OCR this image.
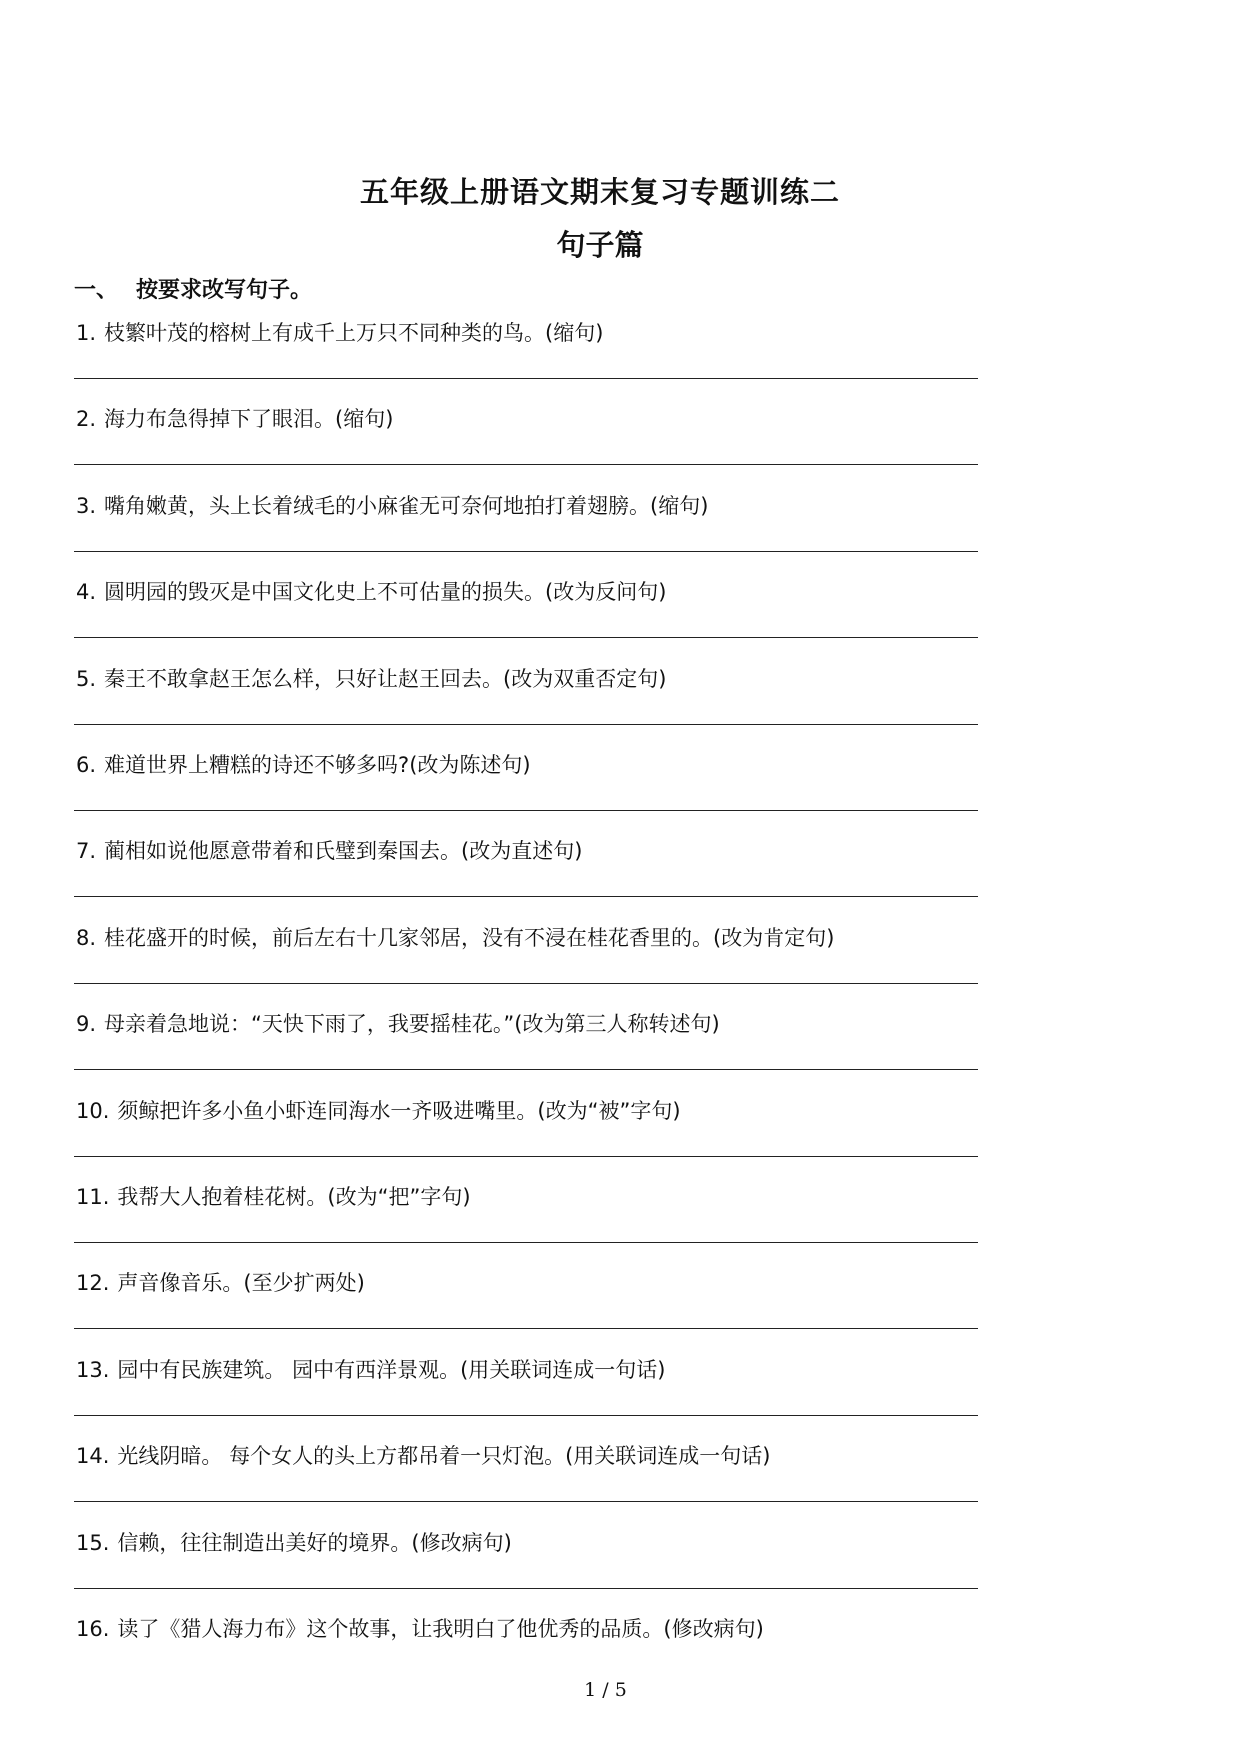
五年级上册语文期末复习专题训练二
句子篇
一、 按要求改写句子。
1. 枝繁叶茂的榕树上有成千上万只不同种类的鸟。(缩句)
2. 海力布急得掉下了眼泪。(缩句)
3. 嘴角嫩黄，头上长着绒毛的小麻雀无可奈何地拍打着翅膀。(缩句)
4. 圆明园的毁灭是中国文化史上不可估量的损失。(改为反问句)
5. 秦王不敢拿赵王怎么样，只好让赵王回去。(改为双重否定句)
6. 难道世界上糟糕的诗还不够多吗?(改为陈述句)
7. 蔺相如说他愿意带着和氏璧到秦国去。(改为直述句)
8. 桂花盛开的时候，前后左右十几家邻居，没有不浸在桂花香里的。(改为肯定句)
9. 母亲着急地说：“天快下雨了，我要摇桂花。”(改为第三人称转述句)
10. 须鲸把许多小鱼小虾连同海水一齐吸进嘴里。(改为“被”字句)
11. 我帮大人抱着桂花树。(改为“把”字句)
12. 声音像音乐。(至少扩两处)
13. 园中有民族建筑。 园中有西洋景观。(用关联词连成一句话)
14. 光线阴暗。 每个女人的头上方都吊着一只灯泡。(用关联词连成一句话)
15. 信赖，往往制造出美好的境界。(修改病句)
16. 读了《猎人海力布》这个故事，让我明白了他优秀的品质。(修改病句)
1 / 5
